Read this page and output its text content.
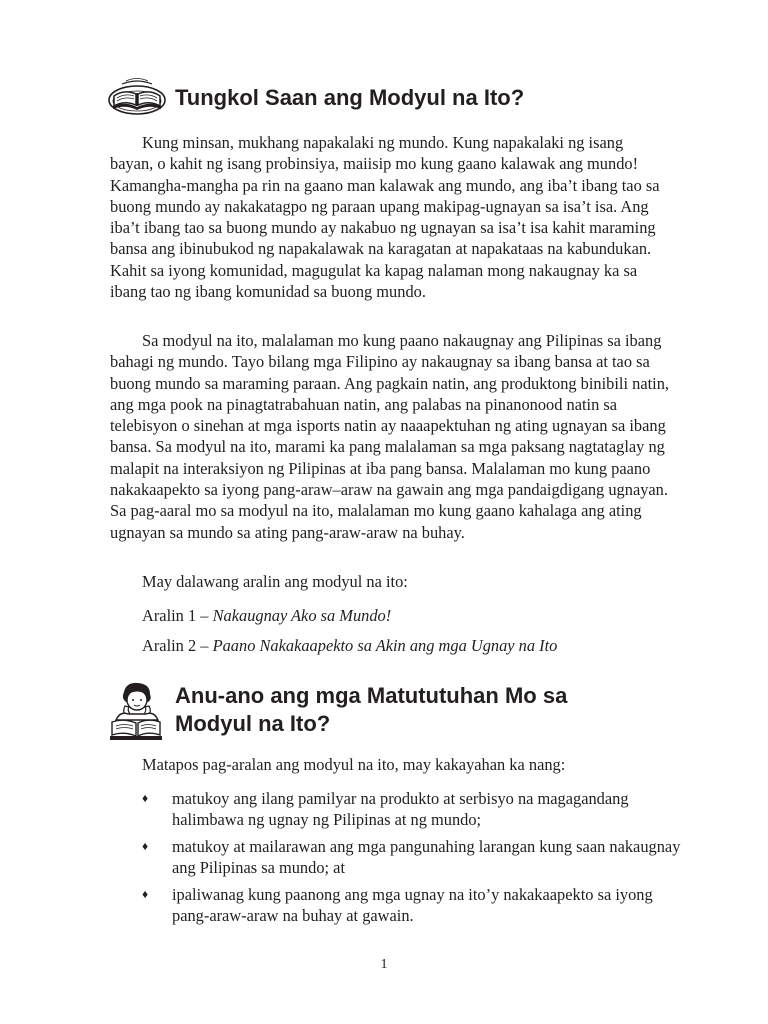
Tungkol Saan ang Modyul na Ito?

Kung minsan, mukhang napakalaki ng mundo. Kung napakalaki ng isang bayan, o kahit ng isang probinsiya, maiisip mo kung gaano kalawak ang mundo! Kamangha-mangha pa rin na gaano man kalawak ang mundo, ang iba’t ibang tao sa buong mundo ay nakakatagpo ng paraan upang makipag-ugnayan sa isa’t isa. Ang iba’t ibang tao sa buong mundo ay nakabuo ng ugnayan sa isa’t isa kahit maraming bansa ang ibinubukod ng napakalawak na karagatan at napakataas na kabundukan. Kahit sa iyong komunidad, magugulat ka kapag nalaman mong nakaugnay ka sa ibang tao ng ibang komunidad sa buong mundo.

Sa modyul na ito, malalaman mo kung paano nakaugnay ang Pilipinas sa ibang bahagi ng mundo. Tayo bilang mga Filipino ay nakaugnay sa ibang bansa at tao sa buong mundo sa maraming paraan. Ang pagkain natin, ang produktong binibili natin, ang mga pook na pinagtatrabahuan natin, ang palabas na pinanonood natin sa telebisyon o sinehan at mga isports natin ay naaapektuhan ng ating ugnayan sa ibang bansa. Sa modyul na ito, marami ka pang malalaman sa mga paksang nagtataglay ng malapit na interaksiyon ng Pilipinas at iba pang bansa. Malalaman mo kung paano nakakaapekto sa iyong pang-araw–araw na gawain ang mga pandaigdigang ugnayan. Sa pag-aaral mo sa modyul na ito, malalaman mo kung gaano kahalaga ang ating ugnayan sa mundo sa ating pang-araw-araw na buhay.

May dalawang aralin ang modyul na ito:

Aralin 1 – Nakaugnay Ako sa Mundo!

Aralin 2 – Paano Nakakaapekto sa Akin ang mga Ugnay na Ito

Anu-ano ang mga Matututuhan Mo sa Modyul na Ito?

Matapos pag-aralan ang modyul na ito, may kakayahan ka nang:

♦ matukoy ang ilang pamilyar na produkto at serbisyo na magagandang halimbawa ng ugnay ng Pilipinas at ng mundo;
♦ matukoy at mailarawan ang mga pangunahing larangan kung saan nakaugnay ang Pilipinas sa mundo; at
♦ ipaliwanag kung paanong ang mga ugnay na ito’y nakakaapekto sa iyong pang-araw-araw na buhay at gawain.
1
